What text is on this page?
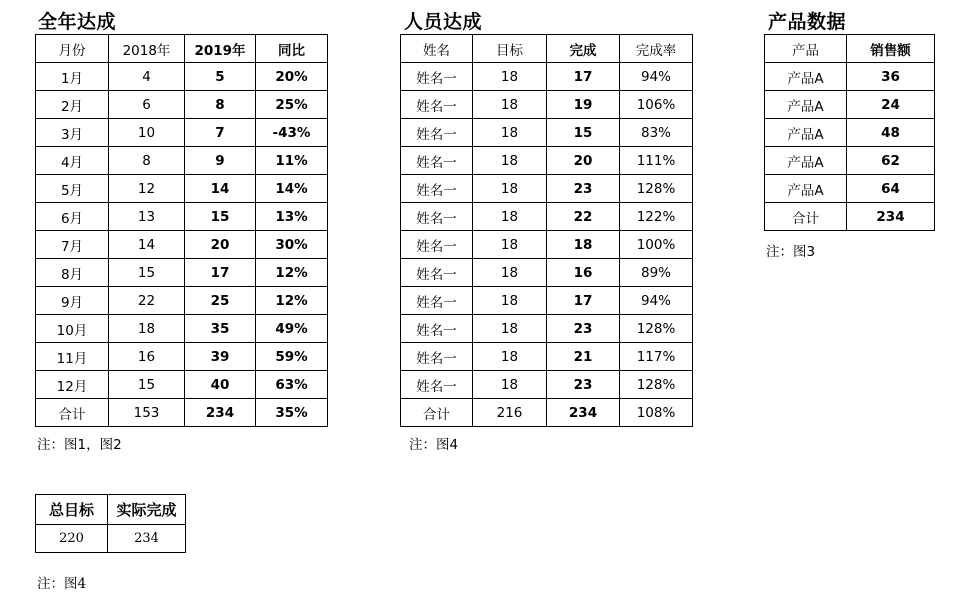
全年达成
月份	2018年	2019年	同比
1月	4	5	20%
2月	6	8	25%
3月	10	7	-43%
4月	8	9	11%
5月	12	14	14%
6月	13	15	13%
7月	14	20	30%
8月	15	17	12%
9月	22	25	12%
10月	18	35	49%
11月	16	39	59%
12月	15	40	63%
合计	153	234	35%
注：图1，图2
人员达成
姓名	目标	完成	完成率
姓名一	18	17	94%
姓名一	18	19	106%
姓名一	18	15	83%
姓名一	18	20	111%
姓名一	18	23	128%
姓名一	18	22	122%
姓名一	18	18	100%
姓名一	18	16	89%
姓名一	18	17	94%
姓名一	18	23	128%
姓名一	18	21	117%
姓名一	18	23	128%
合计	216	234	108%
注：图4
产品数据
产品	销售额
产品A	36
产品A	24
产品A	48
产品A	62
产品A	64
合计	234
注：图3
总目标	实际完成
220	234
注：图4
